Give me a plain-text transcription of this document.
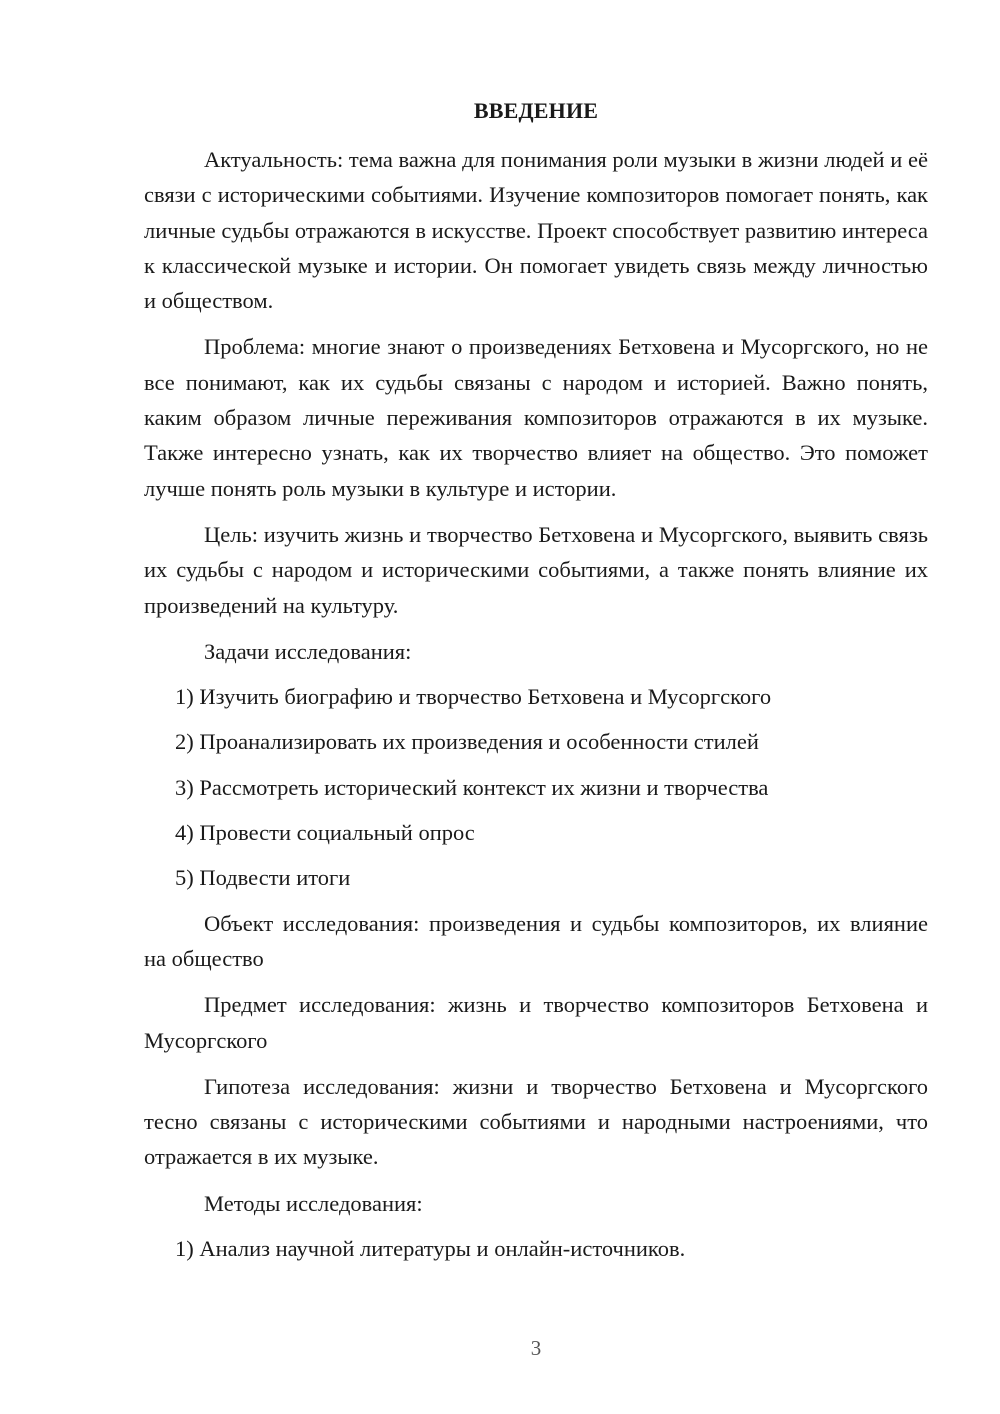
ВВЕДЕНИЕ

Актуальность: тема важна для понимания роли музыки в жизни людей и её связи с историческими событиями. Изучение композиторов помогает понять, как личные судьбы отражаются в искусстве. Проект способствует развитию интереса к классической музыке и истории. Он помогает увидеть связь между личностью и обществом.

Проблема: многие знают о произведениях Бетховена и Мусоргского, но не все понимают, как их судьбы связаны с народом и историей. Важно понять, каким образом личные переживания композиторов отражаются в их музыке. Также интересно узнать, как их творчество влияет на общество. Это поможет лучше понять роль музыки в культуре и истории.

Цель: изучить жизнь и творчество Бетховена и Мусоргского, выявить связь их судьбы с народом и историческими событиями, а также понять влияние их произведений на культуру.

Задачи исследования:

1) Изучить биографию и творчество Бетховена и Мусоргского

2) Проанализировать их произведения и особенности стилей

3) Рассмотреть исторический контекст их жизни и творчества

4) Провести социальный опрос

5) Подвести итоги

Объект исследования: произведения и судьбы композиторов, их влияние на общество

Предмет исследования: жизнь и творчество композиторов Бетховена и Мусоргского

Гипотеза исследования: жизни и творчество Бетховена и Мусоргского тесно связаны с историческими событиями и народными настроениями, что отражается в их музыке.

Методы исследования:

1) Анализ научной литературы и онлайн-источников.

3
